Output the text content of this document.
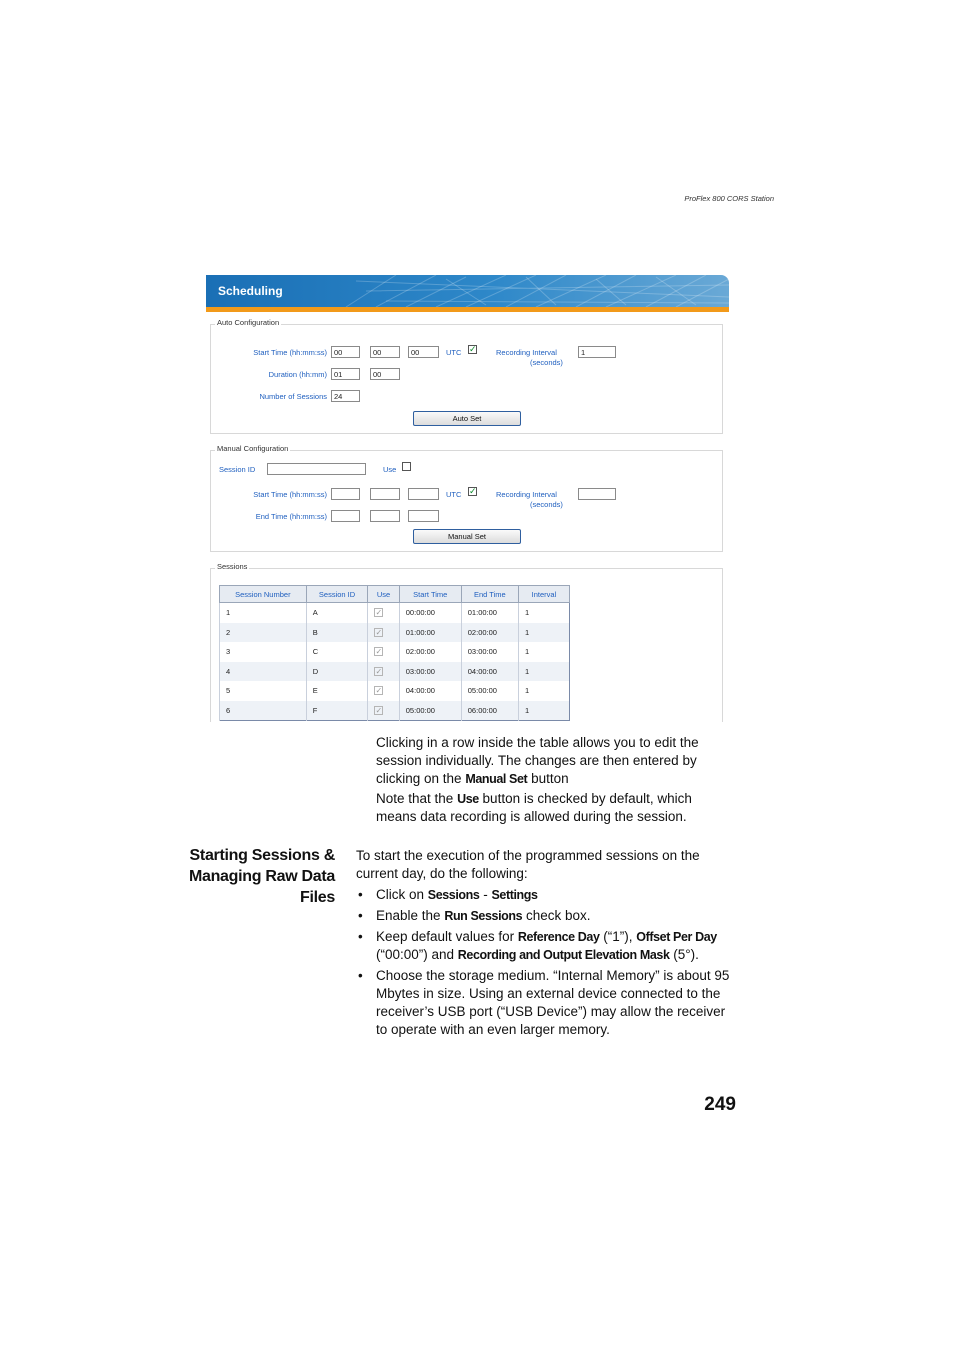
ProFlex 800 CORS Station
Scheduling
Auto Configuration
Start Time (hh:mm:ss) 00	00	00	UTC ✓	Recording Interval
(seconds)
1
Duration (hh:mm) 01	00
Number of Sessions 24
Auto Set
Manual Configuration
Session ID	Use
Start Time (hh:mm:ss)	UTC ✓	Recording Interval
(seconds)
End Time (hh:mm:ss)
Manual Set
Sessions
Session Number	Session ID	Use	Start Time	End Time	Interval
1	A	✓	00:00:00	01:00:00	1
2	B	✓	01:00:00	02:00:00	1
3	C	✓	02:00:00	03:00:00	1
4	D	✓	03:00:00	04:00:00	1
5	E	✓	04:00:00	05:00:00	1
6	F	✓	05:00:00	06:00:00	1

Clicking in a row inside the table allows you to edit the session individually. The changes are then entered by clicking on the Manual Set button

Note that the Use button is checked by default, which means data recording is allowed during the session.

Starting Sessions & Managing Raw Data Files

To start the execution of the programmed sessions on the current day, do the following:

• Click on Sessions - Settings
• Enable the Run Sessions check box.
• Keep default values for Reference Day (“1”), Offset Per Day (“00:00”) and Recording and Output Elevation Mask (5°).
• Choose the storage medium. “Internal Memory” is about 95 Mbytes in size. Using an external device connected to the receiver’s USB port (“USB Device”) may allow the receiver to operate with an even larger memory.
249
